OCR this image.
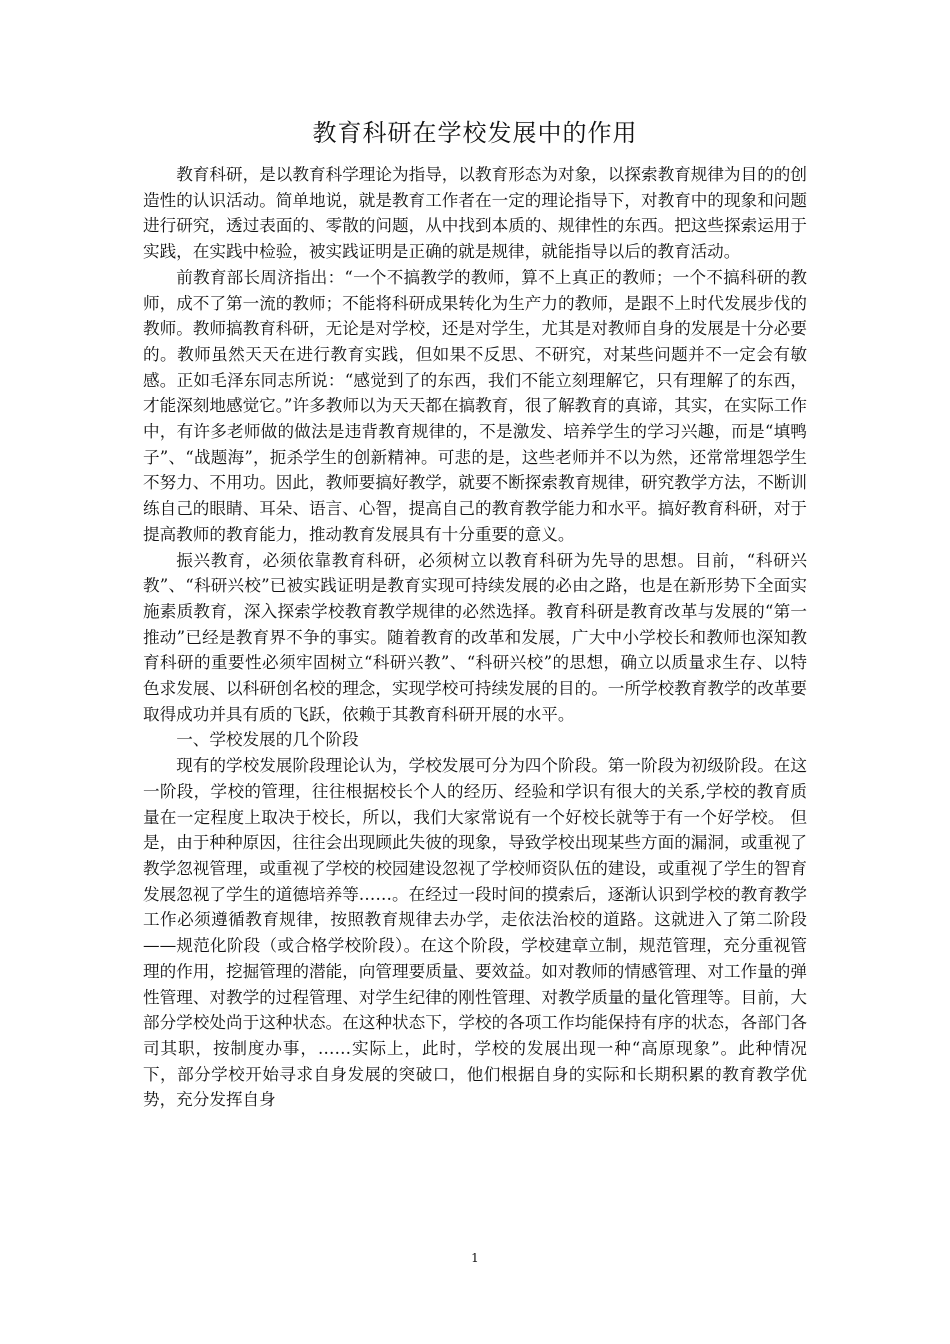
教育科研在学校发展中的作用

教育科研，是以教育科学理论为指导，以教育形态为对象，以探索教育规律为目的的创造性的认识活动。简单地说，就是教育工作者在一定的理论指导下，对教育中的现象和问题进行研究，透过表面的、零散的问题，从中找到本质的、规律性的东西。把这些探索运用于实践，在实践中检验，被实践证明是正确的就是规律，就能指导以后的教育活动。

前教育部长周济指出：“一个不搞教学的教师，算不上真正的教师；一个不搞科研的教师，成不了第一流的教师；不能将科研成果转化为生产力的教师，是跟不上时代发展步伐的教师。教师搞教育科研，无论是对学校，还是对学生，尤其是对教师自身的发展是十分必要的。教师虽然天天在进行教育实践，但如果不反思、不研究，对某些问题并不一定会有敏感。正如毛泽东同志所说：“感觉到了的东西，我们不能立刻理解它，只有理解了的东西，才能深刻地感觉它。”许多教师以为天天都在搞教育，很了解教育的真谛，其实，在实际工作中，有许多老师做的做法是违背教育规律的，不是激发、培养学生的学习兴趣，而是“填鸭子”、“战题海”，扼杀学生的创新精神。可悲的是，这些老师并不以为然，还常常埋怨学生不努力、不用功。因此，教师要搞好教学，就要不断探索教育规律，研究教学方法，不断训练自己的眼睛、耳朵、语言、心智，提高自己的教育教学能力和水平。搞好教育科研，对于提高教师的教育能力，推动教育发展具有十分重要的意义。

振兴教育，必须依靠教育科研，必须树立以教育科研为先导的思想。目前，“科研兴教”、“科研兴校”已被实践证明是教育实现可持续发展的必由之路，也是在新形势下全面实施素质教育，深入探索学校教育教学规律的必然选择。教育科研是教育改革与发展的“第一推动”已经是教育界不争的事实。随着教育的改革和发展，广大中小学校长和教师也深知教育科研的重要性必须牢固树立“科研兴教”、“科研兴校”的思想，确立以质量求生存、以特色求发展、以科研创名校的理念，实现学校可持续发展的目的。一所学校教育教学的改革要取得成功并具有质的飞跃，依赖于其教育科研开展的水平。

一、学校发展的几个阶段

现有的学校发展阶段理论认为，学校发展可分为四个阶段。第一阶段为初级阶段。在这一阶段，学校的管理，往往根据校长个人的经历、经验和学识有很大的关系,学校的教育质量在一定程度上取决于校长，所以，我们大家常说有一个好校长就等于有一个好学校。 但是，由于种种原因，往往会出现顾此失彼的现象，导致学校出现某些方面的漏洞，或重视了教学忽视管理，或重视了学校的校园建设忽视了学校师资队伍的建设，或重视了学生的智育发展忽视了学生的道德培养等……。在经过一段时间的摸索后，逐渐认识到学校的教育教学工作必须遵循教育规律，按照教育规律去办学，走依法治校的道路。这就进入了第二阶段——规范化阶段（或合格学校阶段）。在这个阶段，学校建章立制，规范管理，充分重视管理的作用，挖掘管理的潜能，向管理要质量、要效益。如对教师的情感管理、对工作量的弹性管理、对教学的过程管理、对学生纪律的刚性管理、对教学质量的量化管理等。目前，大部分学校处尚于这种状态。在这种状态下，学校的各项工作均能保持有序的状态，各部门各司其职，按制度办事，……实际上，此时，学校的发展出现一种“高原现象”。此种情况下，部分学校开始寻求自身发展的突破口，他们根据自身的实际和长期积累的教育教学优势，充分发挥自身

1
